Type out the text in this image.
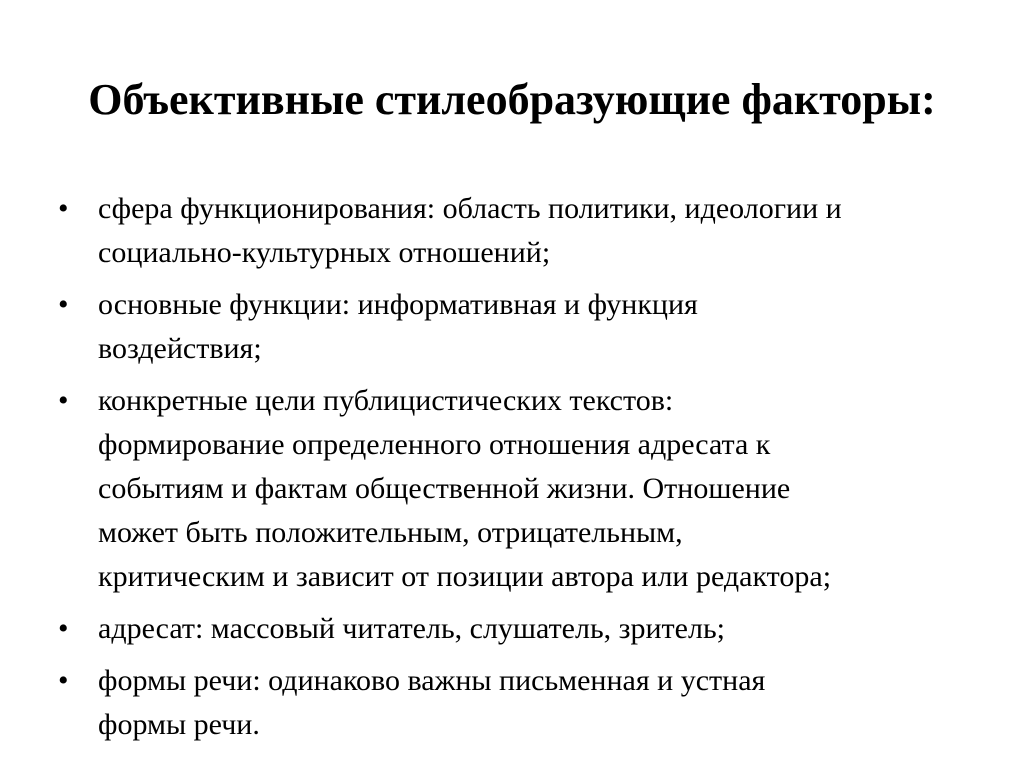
Объективные стилеобразующие факторы:
• сфера функционирования: область политики, идеологии и
социально-культурных отношений;
• основные функции: информативная и функция
воздействия;
• конкретные цели публицистических текстов:
формирование определенного отношения адресата к
событиям и фактам общественной жизни. Отношение
может быть положительным, отрицательным,
критическим и зависит от позиции автора или редактора;
• адресат: массовый читатель, слушатель, зритель;
• формы речи: одинаково важны письменная и устная
формы речи.
